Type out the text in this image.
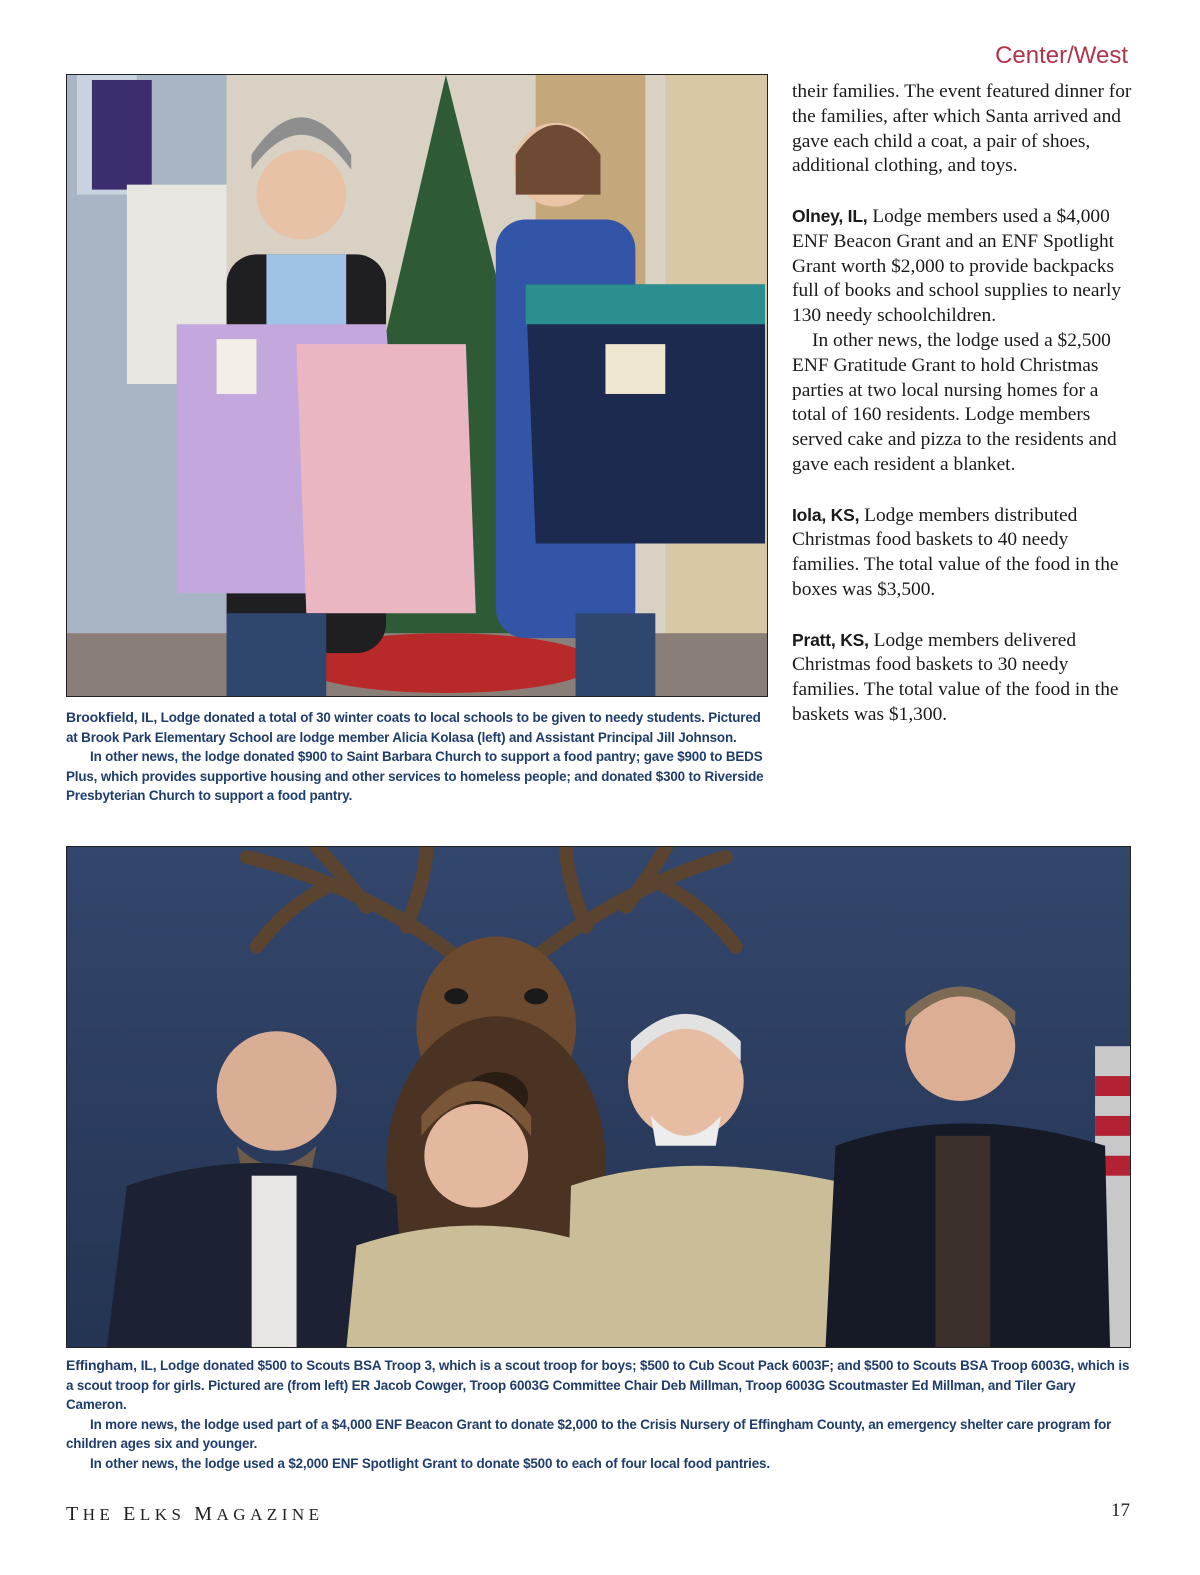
Center/West

Brookfield, IL, Lodge donated a total of 30 winter coats to local schools to be given to needy students. Pictured at Brook Park Elementary School are lodge member Alicia Kolasa (left) and Assistant Principal Jill Johnson.

In other news, the lodge donated $900 to Saint Barbara Church to support a food pantry; gave $900 to BEDS Plus, which provides supportive housing and other services to homeless people; and donated $300 to Riverside Presbyterian Church to support a food pantry.

their families. The event featured dinner for the families, after which Santa arrived and gave each child a coat, a pair of shoes, additional clothing, and toys.

Olney, IL, Lodge members used a $4,000 ENF Beacon Grant and an ENF Spotlight Grant worth $2,000 to provide backpacks full of books and school supplies to nearly 130 needy schoolchildren.

In other news, the lodge used a $2,500 ENF Gratitude Grant to hold Christmas parties at two local nursing homes for a total of 160 residents. Lodge members served cake and pizza to the residents and gave each resident a blanket.

Iola, KS, Lodge members distributed Christmas food baskets to 40 needy families. The total value of the food in the boxes was $3,500.

Pratt, KS, Lodge members delivered Christmas food baskets to 30 needy families. The total value of the food in the baskets was $1,300.

Effingham, IL, Lodge donated $500 to Scouts BSA Troop 3, which is a scout troop for boys; $500 to Cub Scout Pack 6003F; and $500 to Scouts BSA Troop 6003G, which is a scout troop for girls. Pictured are (from left) ER Jacob Cowger, Troop 6003G Committee Chair Deb Millman, Troop 6003G Scoutmaster Ed Millman, and Tiler Gary Cameron.

In more news, the lodge used part of a $4,000 ENF Beacon Grant to donate $2,000 to the Crisis Nursery of Effingham County, an emergency shelter care program for children ages six and younger.

In other news, the lodge used a $2,000 ENF Spotlight Grant to donate $500 to each of four local food pantries.

THE ELKS MAGAZINE	17
